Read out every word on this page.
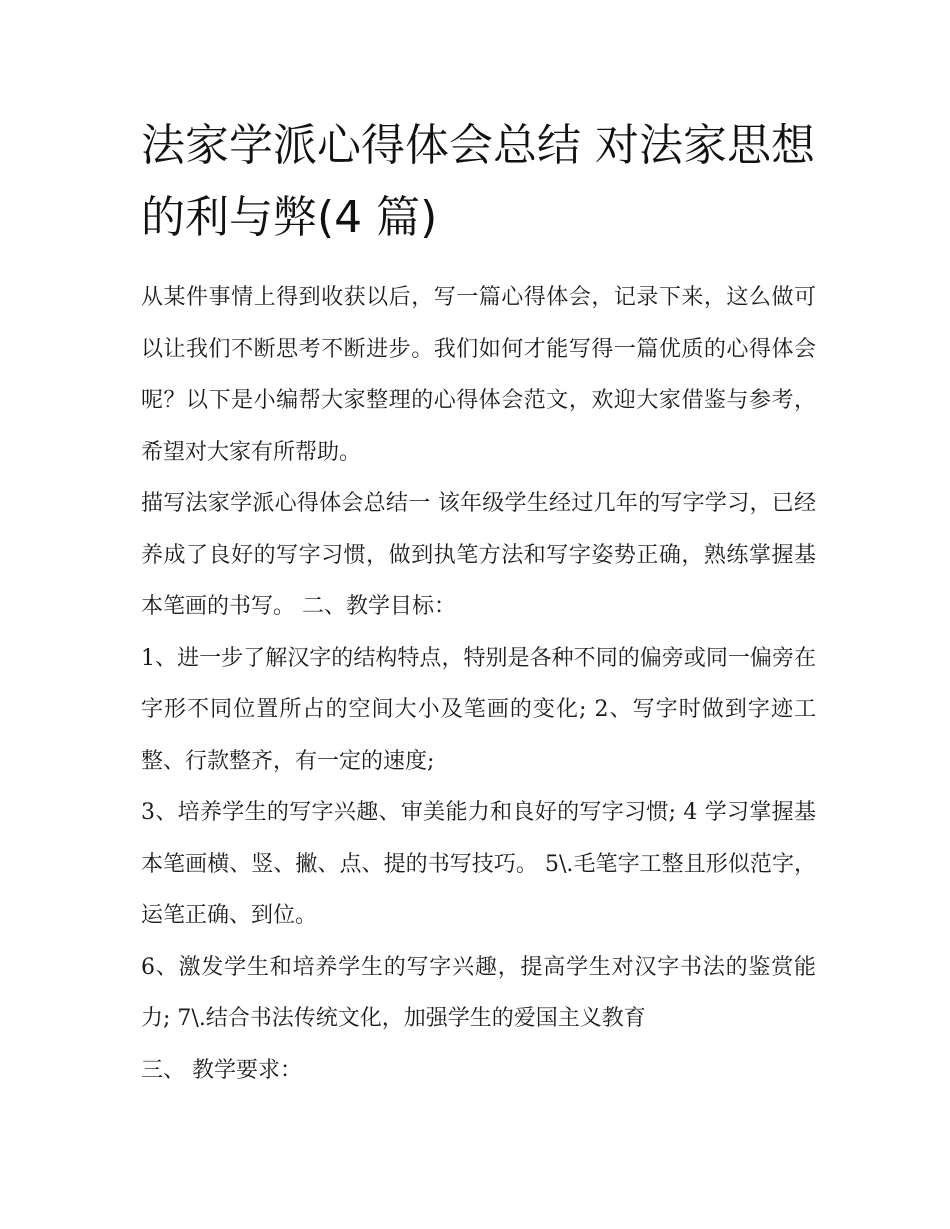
法家学派心得体会总结 对法家思想的利与弊(4 篇)

从某件事情上得到收获以后，写一篇心得体会，记录下来，这么做可以让我们不断思考不断进步。我们如何才能写得一篇优质的心得体会呢？以下是小编帮大家整理的心得体会范文，欢迎大家借鉴与参考，希望对大家有所帮助。

描写法家学派心得体会总结一 该年级学生经过几年的写字学习，已经养成了良好的写字习惯，做到执笔方法和写字姿势正确，熟练掌握基本笔画的书写。 二、教学目标：

1、进一步了解汉字的结构特点，特别是各种不同的偏旁或同一偏旁在字形不同位置所占的空间大小及笔画的变化; 2、写字时做到字迹工整、行款整齐，有一定的速度;

3、培养学生的写字兴趣、审美能力和良好的写字习惯; 4 学习掌握基本笔画横、竖、撇、点、提的书写技巧。 5\.毛笔字工整且形似范字，运笔正确、到位。

6、激发学生和培养学生的写字兴趣，提高学生对汉字书法的鉴赏能力; 7\.结合书法传统文化，加强学生的爱国主义教育

三、 教学要求：
